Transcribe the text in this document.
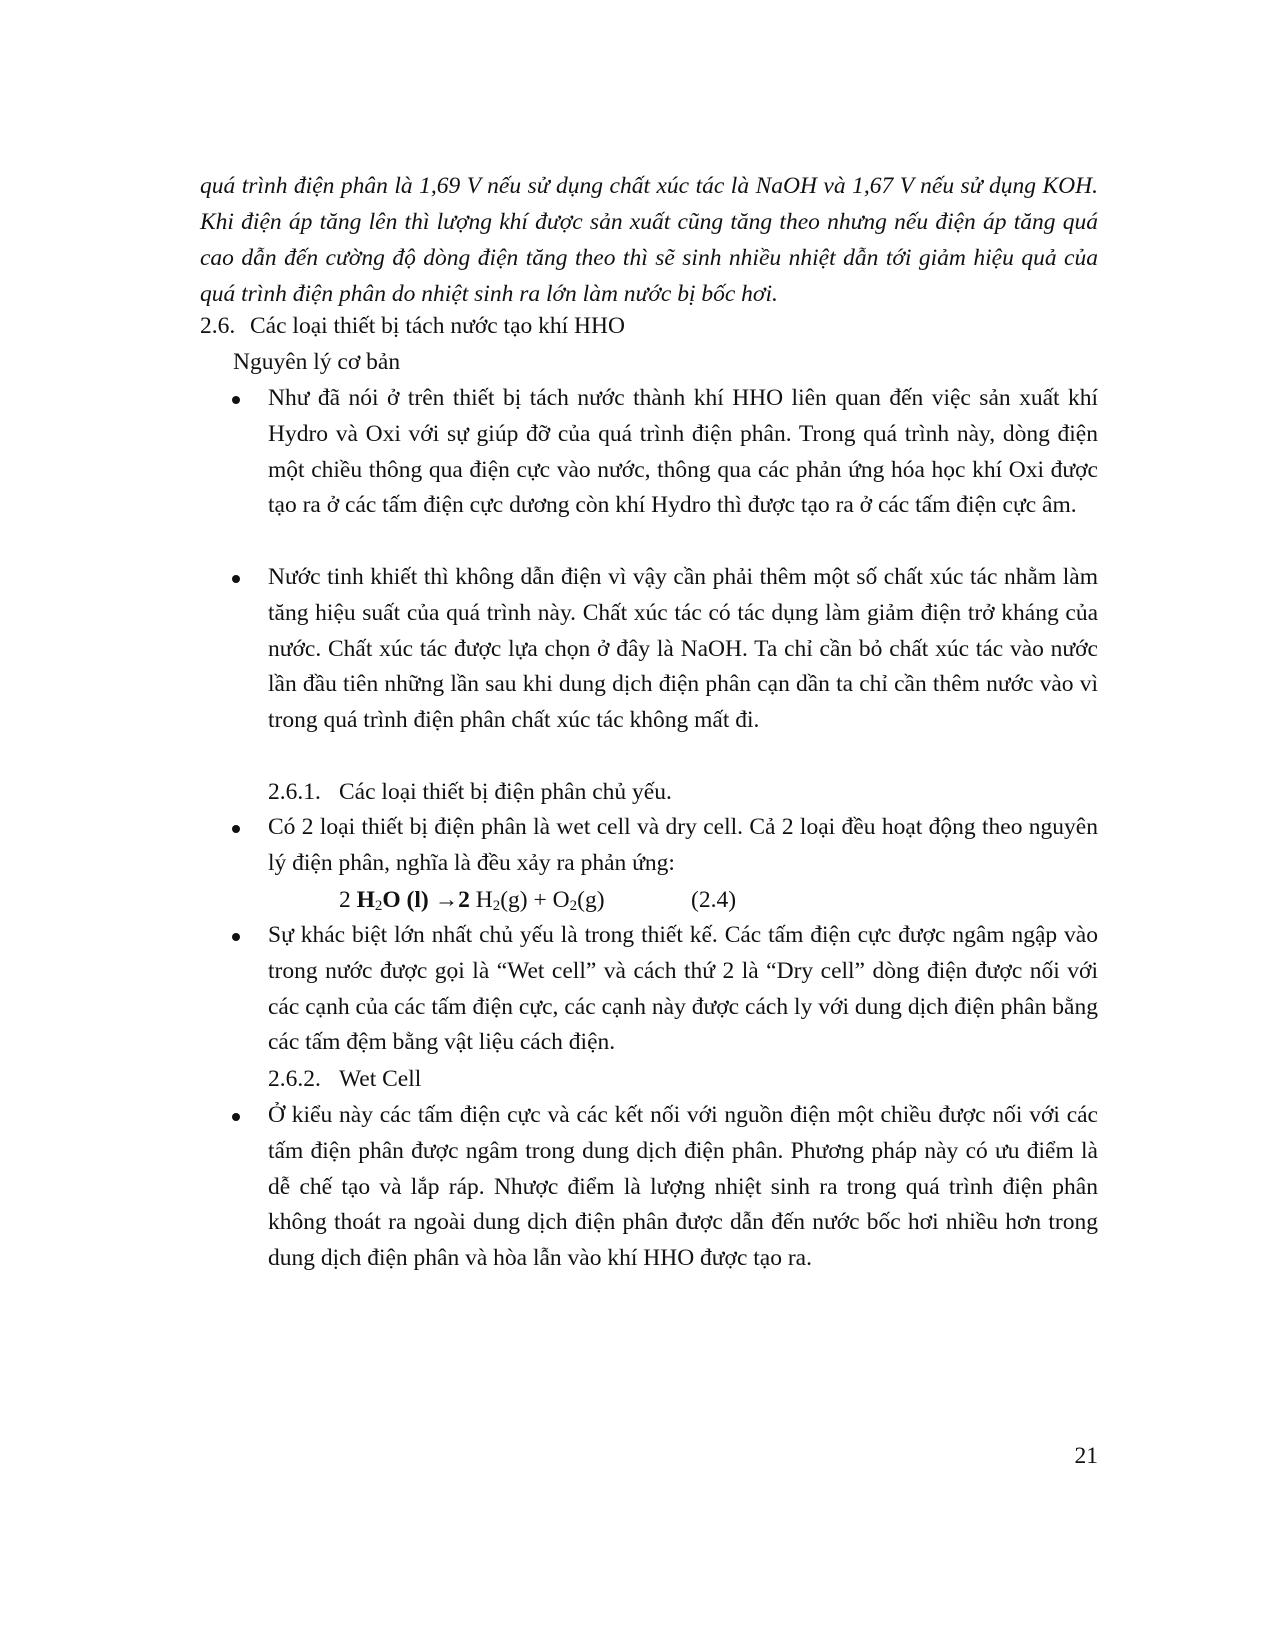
quá trình điện phân là 1,69 V nếu sử dụng chất xúc tác là NaOH và 1,67 V nếu sử dụng KOH. Khi điện áp tăng lên thì lượng khí được sản xuất cũng tăng theo nhưng nếu điện áp tăng quá cao dẫn đến cường độ dòng điện tăng theo thì sẽ sinh nhiều nhiệt dẫn tới giảm hiệu quả của quá trình điện phân do nhiệt sinh ra lớn làm nước bị bốc hơi.

2.6. Các loại thiết bị tách nước tạo khí HHO
Nguyên lý cơ bản
Như đã nói ở trên thiết bị tách nước thành khí HHO liên quan đến việc sản xuất khí Hydro và Oxi với sự giúp đỡ của quá trình điện phân. Trong quá trình này, dòng điện một chiều thông qua điện cực vào nước, thông qua các phản ứng hóa học khí Oxi được tạo ra ở các tấm điện cực dương còn khí Hydro thì được tạo ra ở các tấm điện cực âm.
Nước tinh khiết thì không dẫn điện vì vậy cần phải thêm một số chất xúc tác nhằm làm tăng hiệu suất của quá trình này. Chất xúc tác có tác dụng làm giảm điện trở kháng của nước. Chất xúc tác được lựa chọn ở đây là NaOH. Ta chỉ cần bỏ chất xúc tác vào nước lần đầu tiên những lần sau khi dung dịch điện phân cạn dần ta chỉ cần thêm nước vào vì trong quá trình điện phân chất xúc tác không mất đi.
2.6.1. Các loại thiết bị điện phân chủ yếu.
Có 2 loại thiết bị điện phân là wet cell và dry cell. Cả 2 loại đều hoạt động theo nguyên lý điện phân, nghĩa là đều xảy ra phản ứng:
2 $H_2O$ (l) →2 $H_2(g) + O_2(g)$	(2.4)
Sự khác biệt lớn nhất chủ yếu là trong thiết kế. Các tấm điện cực được ngâm ngập vào trong nước được gọi là “Wet cell” và cách thứ 2 là “Dry cell” dòng điện được nối với các cạnh của các tấm điện cực, các cạnh này được cách ly với dung dịch điện phân bằng các tấm đệm bằng vật liệu cách điện.
2.6.2. Wet Cell
Ở kiểu này các tấm điện cực và các kết nối với nguồn điện một chiều được nối với các tấm điện phân được ngâm trong dung dịch điện phân. Phương pháp này có ưu điểm là dễ chế tạo và lắp ráp. Nhược điểm là lượng nhiệt sinh ra trong quá trình điện phân không thoát ra ngoài dung dịch điện phân được dẫn đến nước bốc hơi nhiều hơn trong dung dịch điện phân và hòa lẫn vào khí HHO được tạo ra.
21
